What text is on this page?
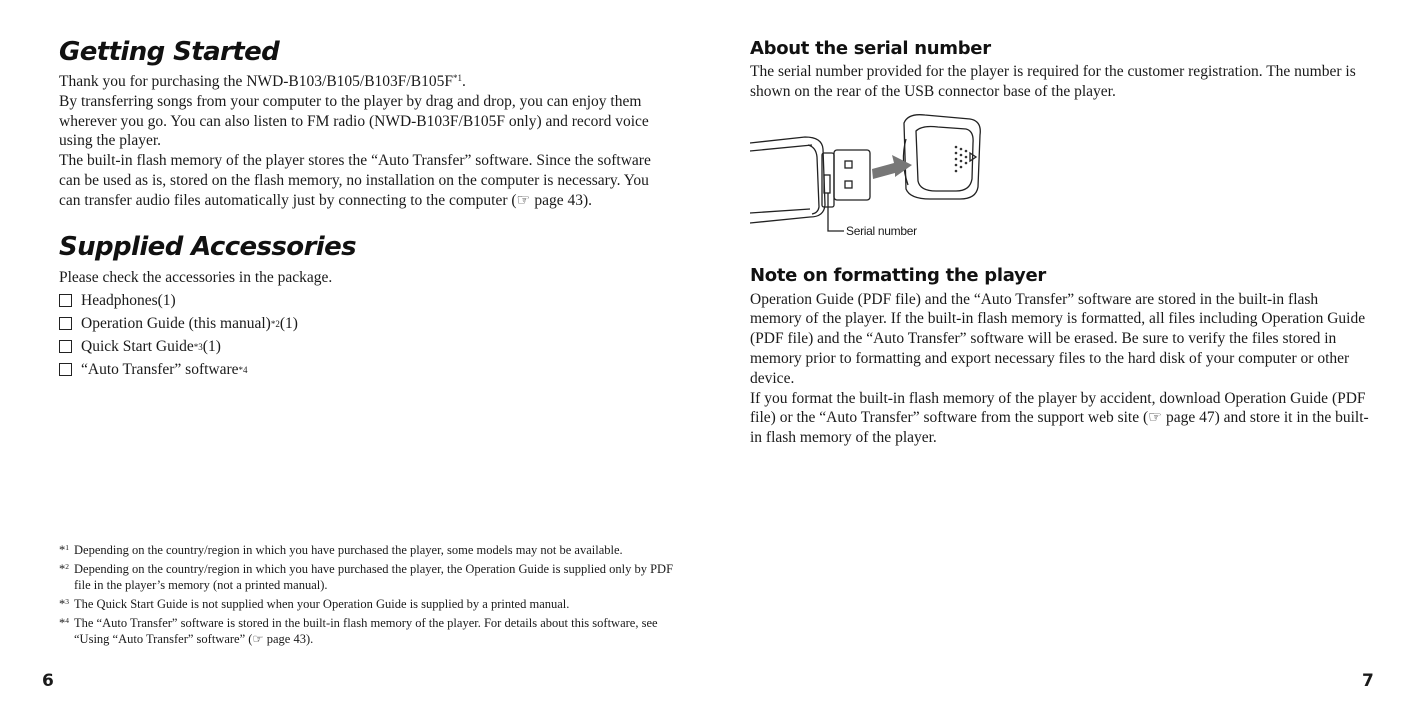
Getting Started

Thank you for purchasing the NWD-$B103/B105/B103F/B105F^{*1}$.

By transferring songs from your computer to the player by drag and drop, you can enjoy them wherever you go. You can also listen to FM radio (NWD-B103F/B105F only) and record voice using the player.

The built-in flash memory of the player stores the “Auto Transfer” software. Since the software can be used as is, stored on the flash memory, no installation on the computer is necessary. You can transfer audio files automatically just by connecting to the computer (☞ page 43).

Supplied Accessories

Please check the accessories in the package.

Headphones (1)
Operation Guide (this manual) *2 (1)
Quick Start Guide *3 (1)
“Auto Transfer” software *4
*$^1$ Depending on the country/region in which you have purchased the player, some models may not be available.
*$^2$ Depending on the country/region in which you have purchased the player, the Operation Guide is supplied only by PDF file in the player’s memory (not a printed manual).
*$^3$ The Quick Start Guide is not supplied when your Operation Guide is supplied by a printed manual.
*$^4$ The “Auto Transfer” software is stored in the built-in flash memory of the player. For details about this software, see “Using “Auto Transfer” software” (☞ page 43).
6
About the serial number

The serial number provided for the player is required for the customer registration. The number is shown on the rear of the USB connector base of the player.

Note on formatting the player

Operation Guide (PDF file) and the “Auto Transfer” software are stored in the built-in flash memory of the player. If the built-in flash memory is formatted, all files including Operation Guide (PDF file) and the “Auto Transfer” software will be erased. Be sure to verify the files stored in memory prior to formatting and export necessary files to the hard disk of your computer or other device.

If you format the built-in flash memory of the player by accident, download Operation Guide (PDF file) or the “Auto Transfer” software from the support web site (☞ page 47) and store it in the built-in flash memory of the player.

Serial number
7
